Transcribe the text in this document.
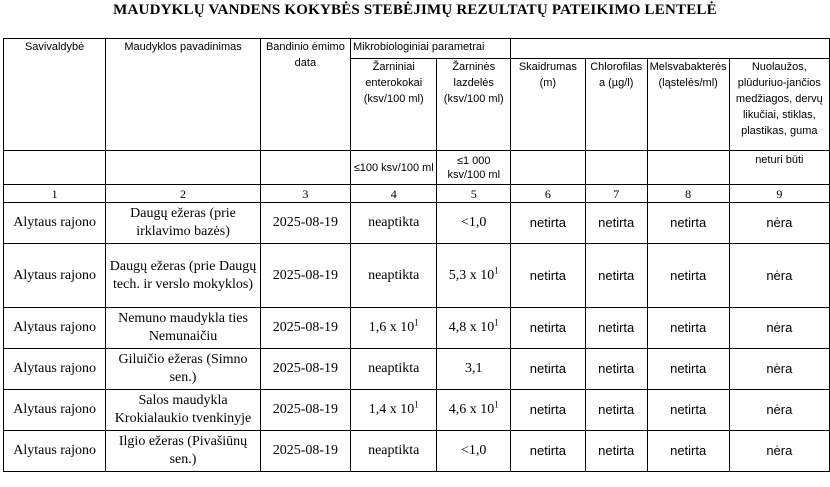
MAUDYKLŲ VANDENS KOKYBĖS STEBĖJIMŲ REZULTATŲ PATEIKIMO LENTELĖ
Savivaldybė	Maudyklos pavadinimas	Bandinio ėmimo data	Mikrobiologiniai parametrai					
			Žarniniai enterokokai (ksv/100 ml)	Žarninės lazdelės (ksv/100 ml)	Skaidrumas (m)	Chlorofilas a (µg/l)	Melsvabakterės (ląstelės/ml)	Nuolaužos, plūduriuo-jančios medžiagos, dervų likučiai, stiklas, plastikas, guma
			≤100 ksv/100 ml	≤1 000 ksv/100 ml				neturi būti
1	2	3	4	5	6	7	8	9
Alytaus rajono	Daugų ežeras (prie irklavimo bazės)	2025-08-19	neaptikta	<1,0	netirta	netirta	netirta	nėra
Alytaus rajono	Daugų ežeras (prie Daugų tech. ir verslo mokyklos)	2025-08-19	neaptikta	5,3 x $10^1$	netirta	netirta	netirta	nėra
Alytaus rajono	Nemuno maudykla ties Nemunaičiu	2025-08-19	1,6 x $10^1$	4,8 x $10^1$	netirta	netirta	netirta	nėra
Alytaus rajono	Giluičio ežeras (Simno sen.)	2025-08-19	neaptikta	3,1	netirta	netirta	netirta	nėra
Alytaus rajono	Salos maudykla Krokialaukio tvenkinyje	2025-08-19	1,4 x $10^1$	4,6 x $10^1$	netirta	netirta	netirta	nėra
Alytaus rajono	Ilgio ežeras (Pivašiūnų sen.)	2025-08-19	neaptikta	<1,0	netirta	netirta	netirta	nėra
